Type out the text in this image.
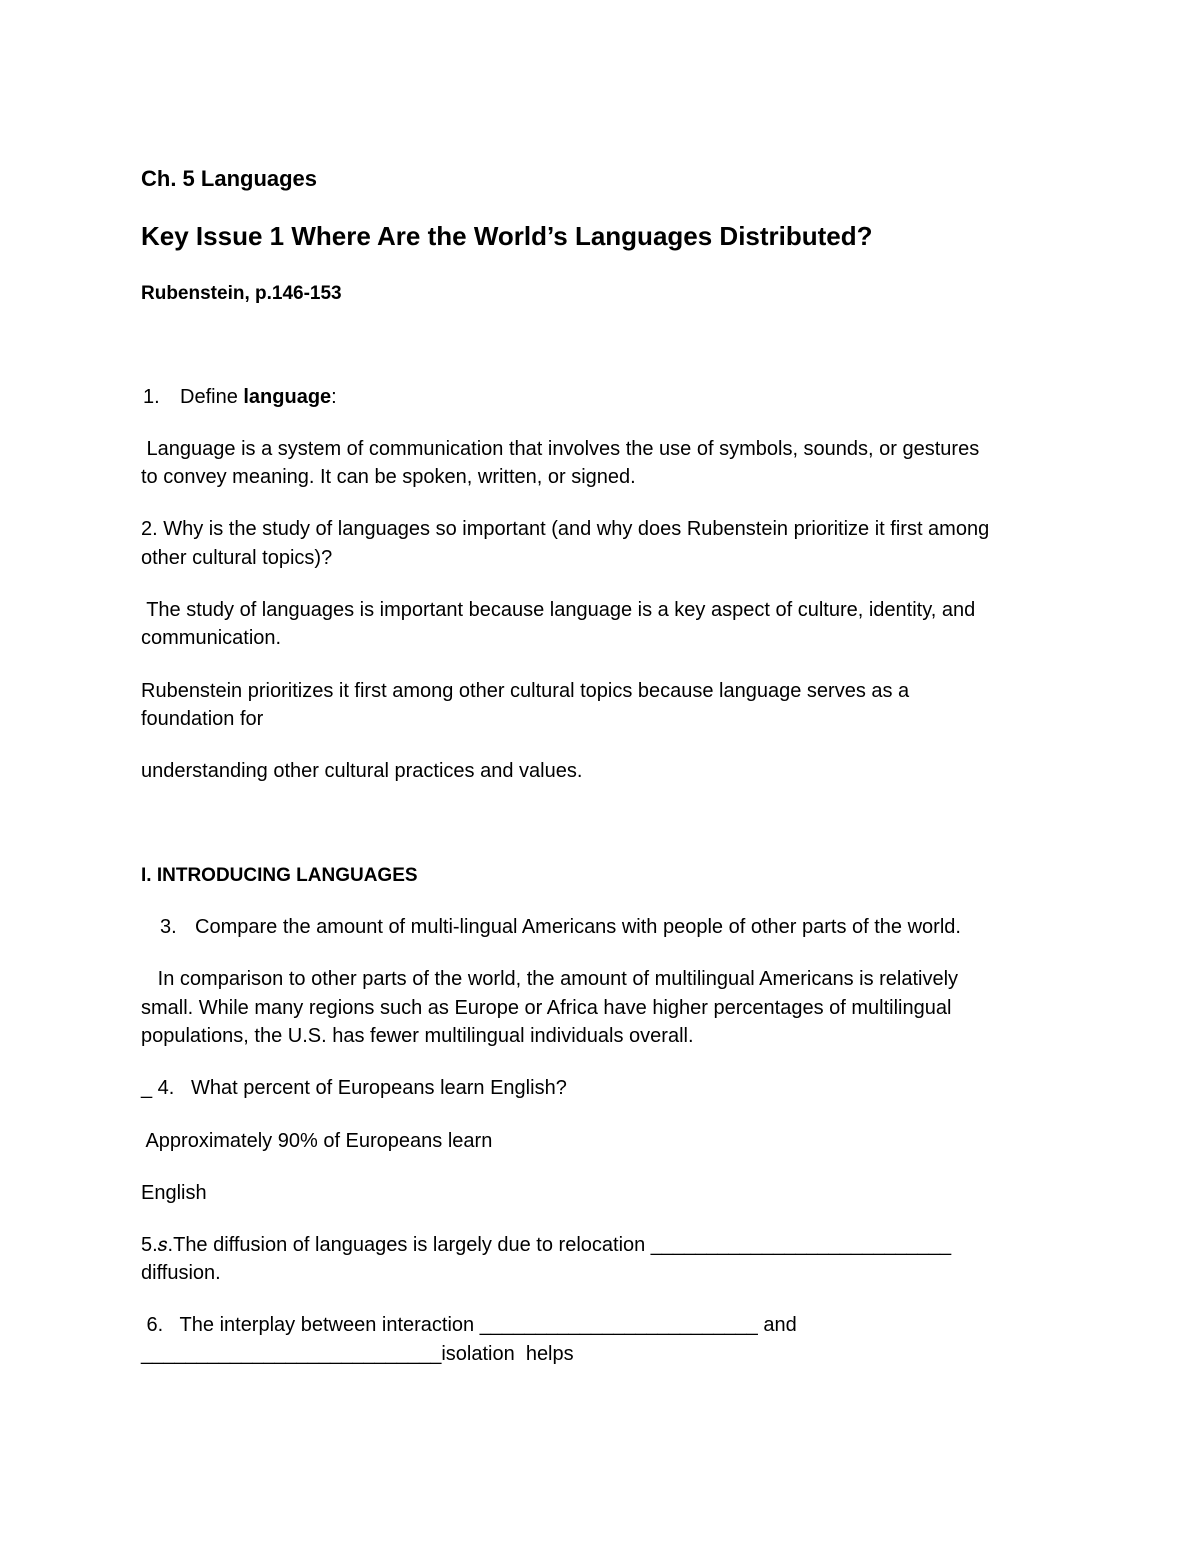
Ch. 5 Languages
Key Issue 1 Where Are the World’s Languages Distributed?
Rubenstein, p.146-153
1. Define language:
Language is a system of communication that involves the use of symbols, sounds, or gestures
to convey meaning. It can be spoken, written, or signed.
2. Why is the study of languages so important (and why does Rubenstein prioritize it first among
other cultural topics)?
The study of languages is important because language is a key aspect of culture, identity, and
communication.
Rubenstein prioritizes it first among other cultural topics because language serves as a
foundation for
understanding other cultural practices and values.
I. INTRODUCING LANGUAGES
3. Compare the amount of multi-lingual Americans with people of other parts of the world.
In comparison to other parts of the world, the amount of multilingual Americans is relatively
small. While many regions such as Europe or Africa have higher percentages of multilingual
populations, the U.S. has fewer multilingual individuals overall.
_ 4.   What percent of Europeans learn English?
Approximately 90% of Europeans learn
English
5.𝑠.The diffusion of languages is largely due to relocation ___________________________
diffusion.
6.   The interplay between interaction _________________________ and
___________________________isolation  helps
